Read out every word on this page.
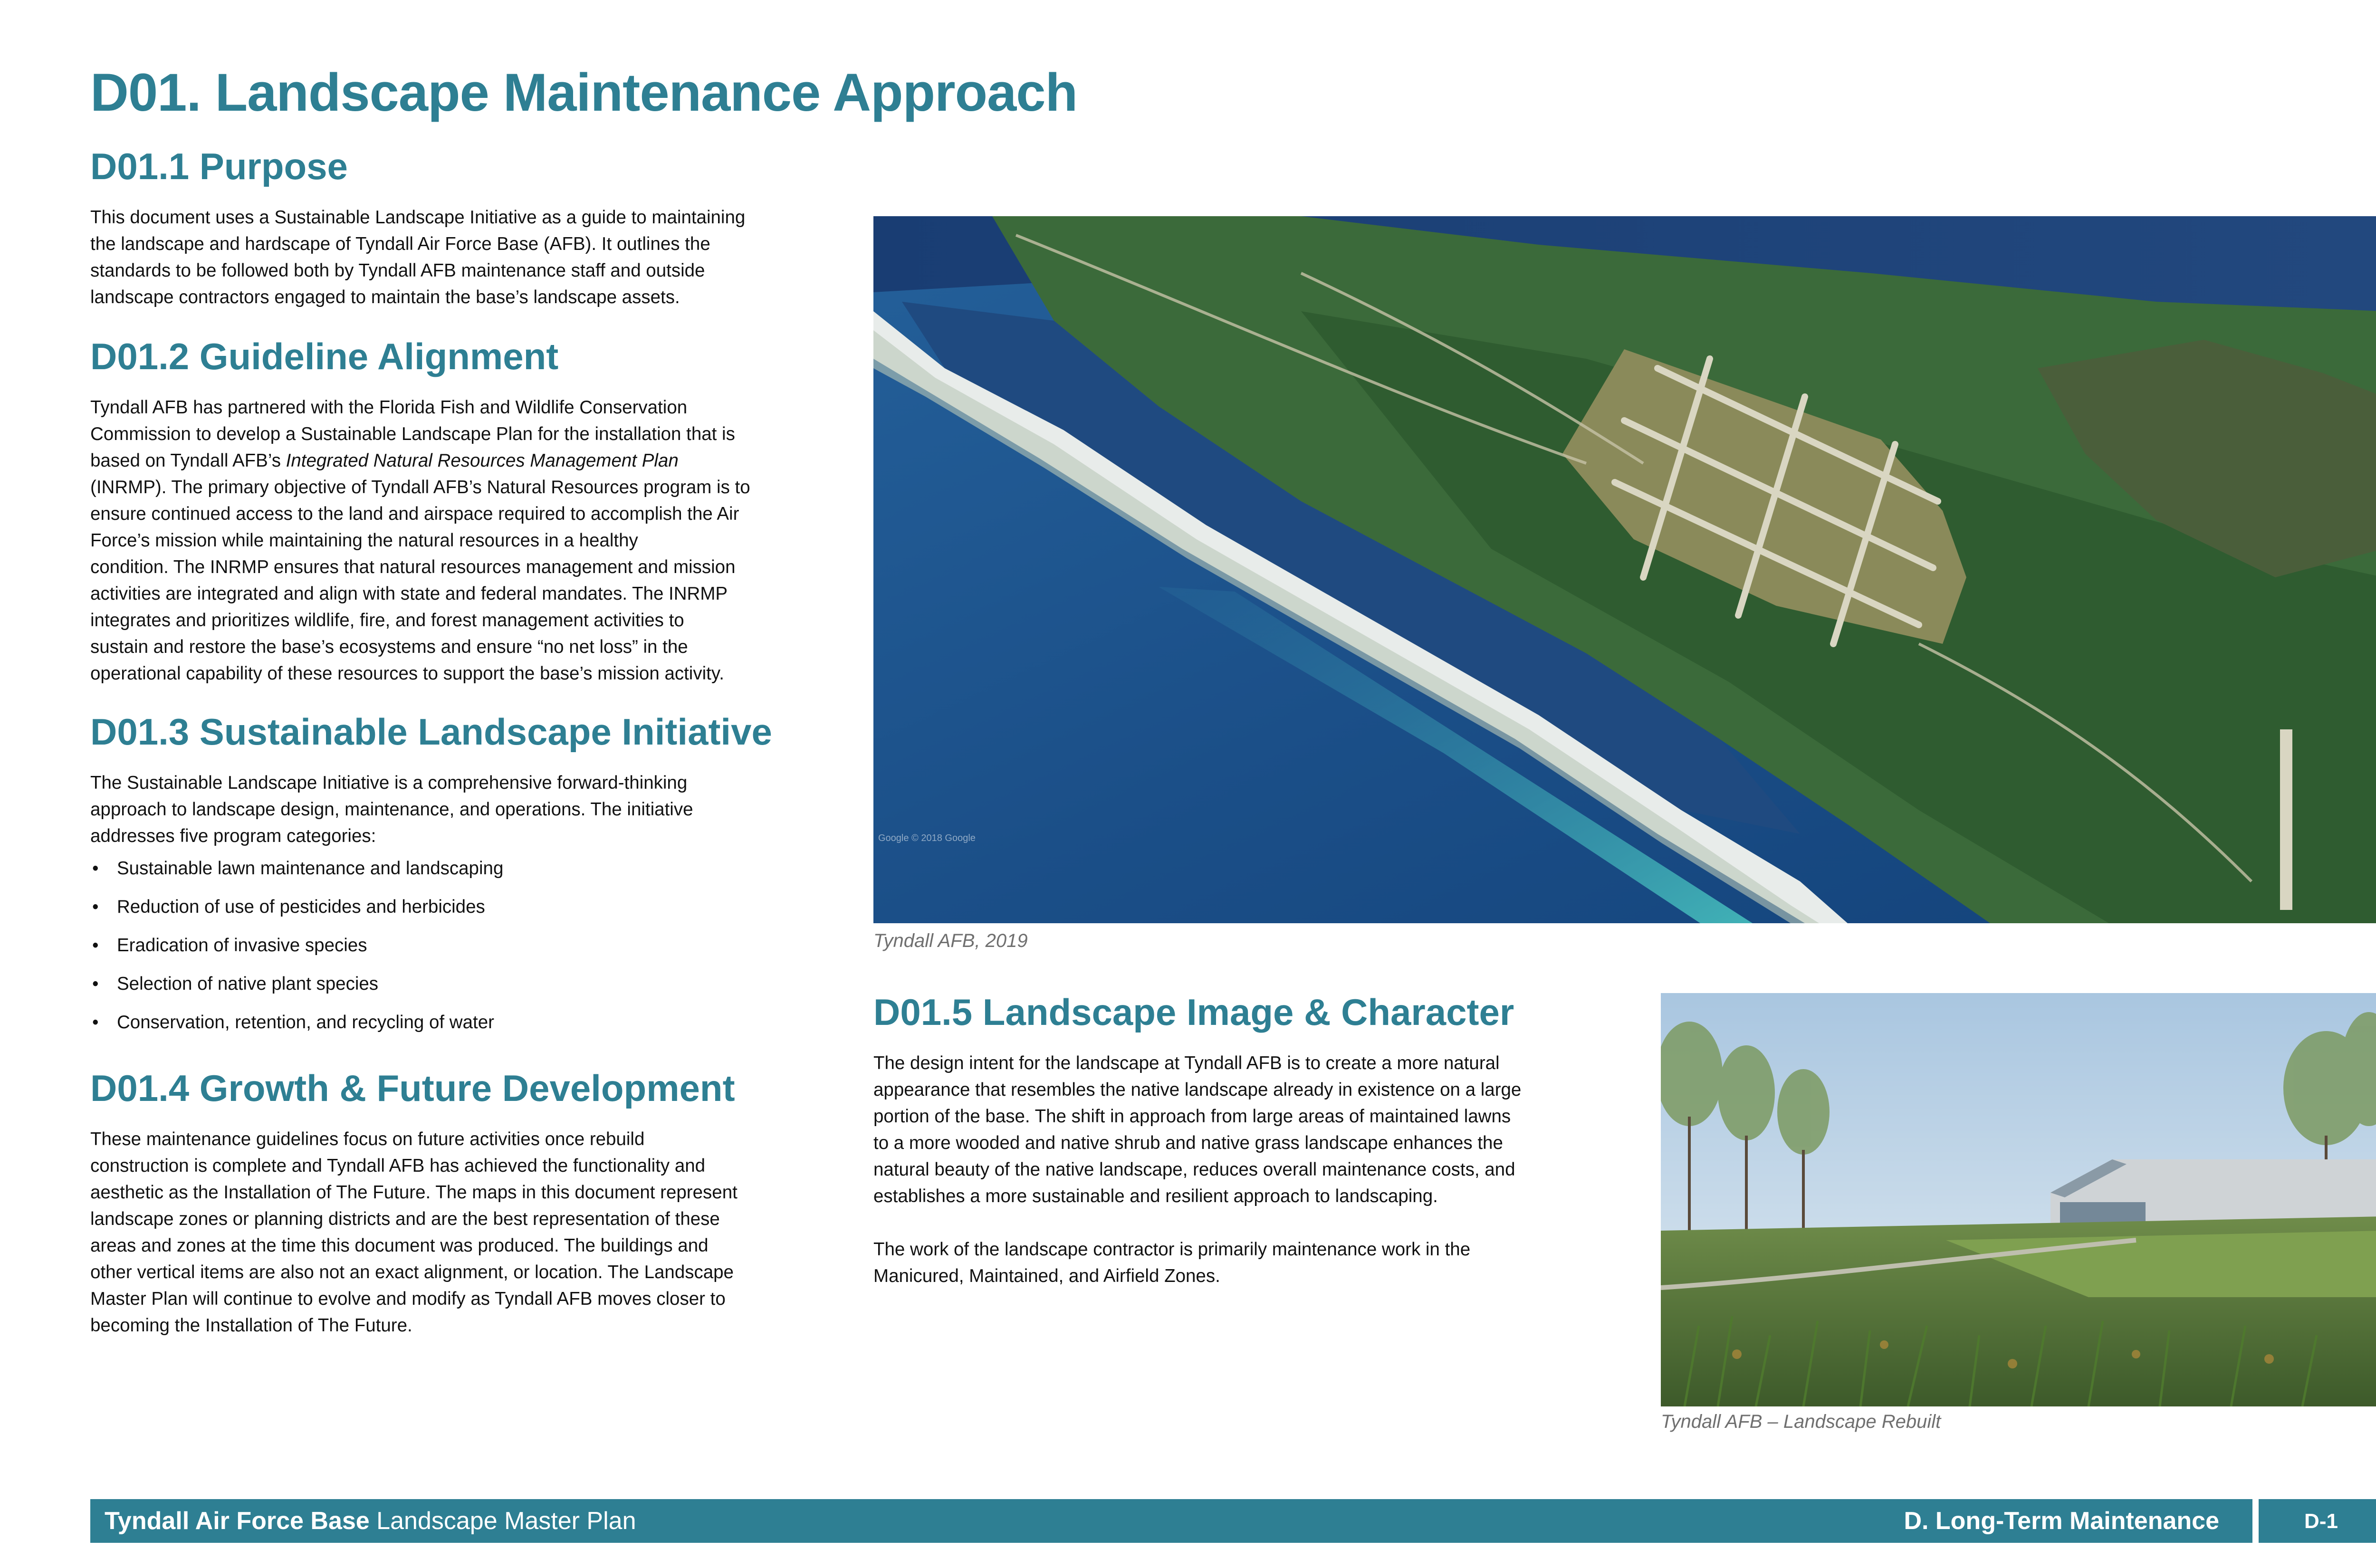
D01. Landscape Maintenance Approach
D01.1 Purpose
This document uses a Sustainable Landscape Initiative as a guide to maintaining
the landscape and hardscape of Tyndall Air Force Base (AFB). It outlines the
standards to be followed both by Tyndall AFB maintenance staff and outside
landscape contractors engaged to maintain the base’s landscape assets.
D01.2 Guideline Alignment
Tyndall AFB has partnered with the Florida Fish and Wildlife Conservation
Commission to develop a Sustainable Landscape Plan for the installation that is
based on Tyndall AFB’s Integrated Natural Resources Management Plan
(INRMP). The primary objective of Tyndall AFB’s Natural Resources program is to
ensure continued access to the land and airspace required to accomplish the Air
Force’s mission while maintaining the natural resources in a healthy
condition. The INRMP ensures that natural resources management and mission
activities are integrated and align with state and federal mandates. The INRMP
integrates and prioritizes wildlife, fire, and forest management activities to
sustain and restore the base’s ecosystems and ensure “no net loss” in the
operational capability of these resources to support the base’s mission activity.
D01.3 Sustainable Landscape Initiative
The Sustainable Landscape Initiative is a comprehensive forward-thinking
approach to landscape design, maintenance, and operations. The initiative
addresses five program categories:
• Sustainable lawn maintenance and landscaping
• Reduction of use of pesticides and herbicides
• Eradication of invasive species
• Selection of native plant species
• Conservation, retention, and recycling of water
D01.4 Growth & Future Development
These maintenance guidelines focus on future activities once rebuild
construction is complete and Tyndall AFB has achieved the functionality and
aesthetic as the Installation of The Future. The maps in this document represent
landscape zones or planning districts and are the best representation of these
areas and zones at the time this document was produced. The buildings and
other vertical items are also not an exact alignment, or location. The Landscape
Master Plan will continue to evolve and modify as Tyndall AFB moves closer to
becoming the Installation of The Future.
Google © 2018 Google

Tyndall AFB, 2019

D01.5 Landscape Image & Character
The design intent for the landscape at Tyndall AFB is to create a more natural
appearance that resembles the native landscape already in existence on a large
portion of the base. The shift in approach from large areas of maintained lawns
to a more wooded and native shrub and native grass landscape enhances the
natural beauty of the native landscape, reduces overall maintenance costs, and
establishes a more sustainable and resilient approach to landscaping.
The work of the landscape contractor is primarily maintenance work in the
Manicured, Maintained, and Airfield Zones.

Tyndall AFB – Landscape Rebuilt

Tyndall Air Force Base Landscape Master Plan	D. Long-Term Maintenance	D-1
